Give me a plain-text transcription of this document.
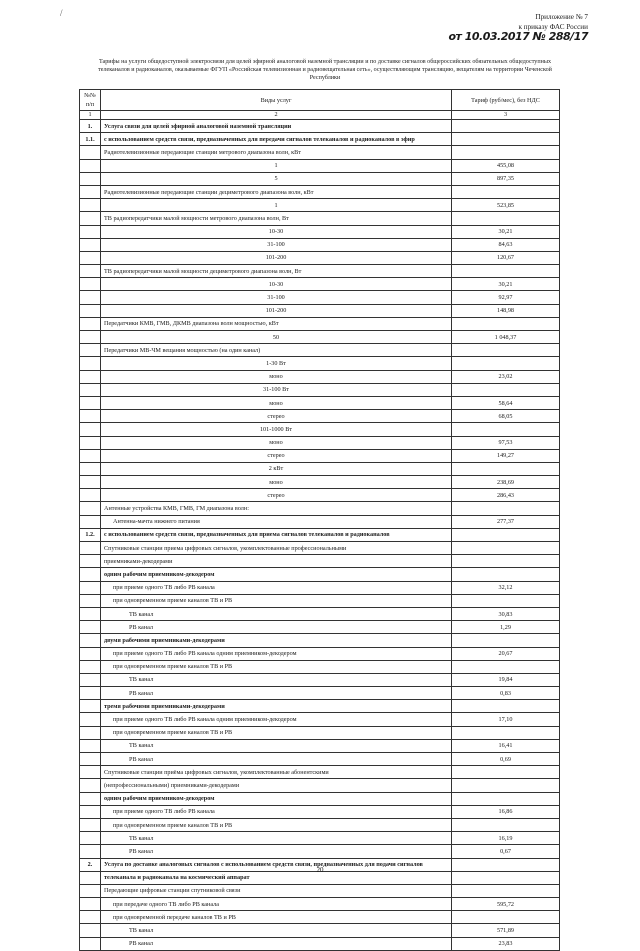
/	Приложение № 7
к приказу ФАС России
от 10.03.2017 № 288/17
Тарифы на услуги общедоступной электросвязи для целей эфирной аналоговой наземной трансляции и по доставке сигналов общероссийских обязательных общедоступных телеканалов и радиоканалов, оказываемые ФГУП «Российская телевизионная и радиовещательная сеть», осуществляющим трансляцию, вещателям на территории Чеченской Республики
№№ п/п	Виды услуг	Тариф (руб/мес), без НДС
1	2	3
1.	Услуга связи для целей эфирной аналоговой наземной трансляции	
1.1.	с использованием средств связи, предназначенных для передачи сигналов телеканалов и радиоканалов в эфир	
	Радиотелевизионные передающие станции метрового диапазона волн, кВт	
	1	455,08
	5	897,35
	Радиотелевизионные передающие станции дециметрового диапазона волн, кВт	
	1	523,85
	ТВ радиопередатчики малой мощности метрового диапазона волн, Вт	
	10-30	30,21
	31-100	84,63
	101-200	120,67
	ТВ радиопередатчики малой мощности дециметрового диапазона волн, Вт	
	10-30	30,21
	31-100	92,97
	101-200	148,98
	Передатчики КМВ, ГМВ, ДКМВ диапазона волн мощностью, кВт	
	50	1 048,37
	Передатчики МВ-ЧМ вещания мощностью (на один канал)	
	1-30 Вт	
	моно	23,02
	31-100 Вт	
	моно	58,64
	стерео	68,05
	101-1000 Вт	
	моно	97,53
	стерео	149,27
	2 кВт	
	моно	238,69
	стерео	286,43
	Антенные устройства КМВ, ГМВ, ГМ диапазона волн:	
	Антенна-мачта нижнего питания	277,37
1.2.	с использованием средств связи, предназначенных для приема сигналов телеканалов и радиоканалов	
	Спутниковые станции приема цифровых сигналов, укомплектованные профессиональными	
	приемниками-декодерами	
	одним рабочим приемником-декодером	
	при приеме одного ТВ либо РВ канала	32,12
	при одновременном приеме каналов ТВ и РВ	
	ТВ канал	30,83
	РВ канал	1,29
	двумя рабочими приемниками-декодерами	
	при приеме одного ТВ либо РВ канала одним приемником-декодером	20,67
	при одновременном приеме каналов ТВ и РВ	
	ТВ канал	19,84
	РВ канал	0,83
	тремя рабочими приемниками-декодерами	
	при приеме одного ТВ либо РВ канала одним приемником-декодером	17,10
	при одновременном приеме каналов ТВ и РВ	
	ТВ канал	16,41
	РВ канал	0,69
	Спутниковые станции приёма цифровых сигналов, укомплектованные абонентскими	
	(непрофессиональными) приемниками-декодерами	
	одним рабочим приемником-декодером	
	при приеме одного ТВ либо РВ канала	16,86
	при одновременном приеме каналов ТВ и РВ	
	ТВ канал	16,19
	РВ канал	0,67
2.	Услуга по доставке аналоговых сигналов с использованием средств связи, предназначенных для подачи сигналов	
	телеканала и радиоканала на космический аппарат	
	Передающие цифровые станции спутниковой связи	
	при передаче одного ТВ либо РВ канала	595,72
	при одновременной передаче каналов ТВ и РВ	
	ТВ канал	571,89
	РВ канал	23,83
20
